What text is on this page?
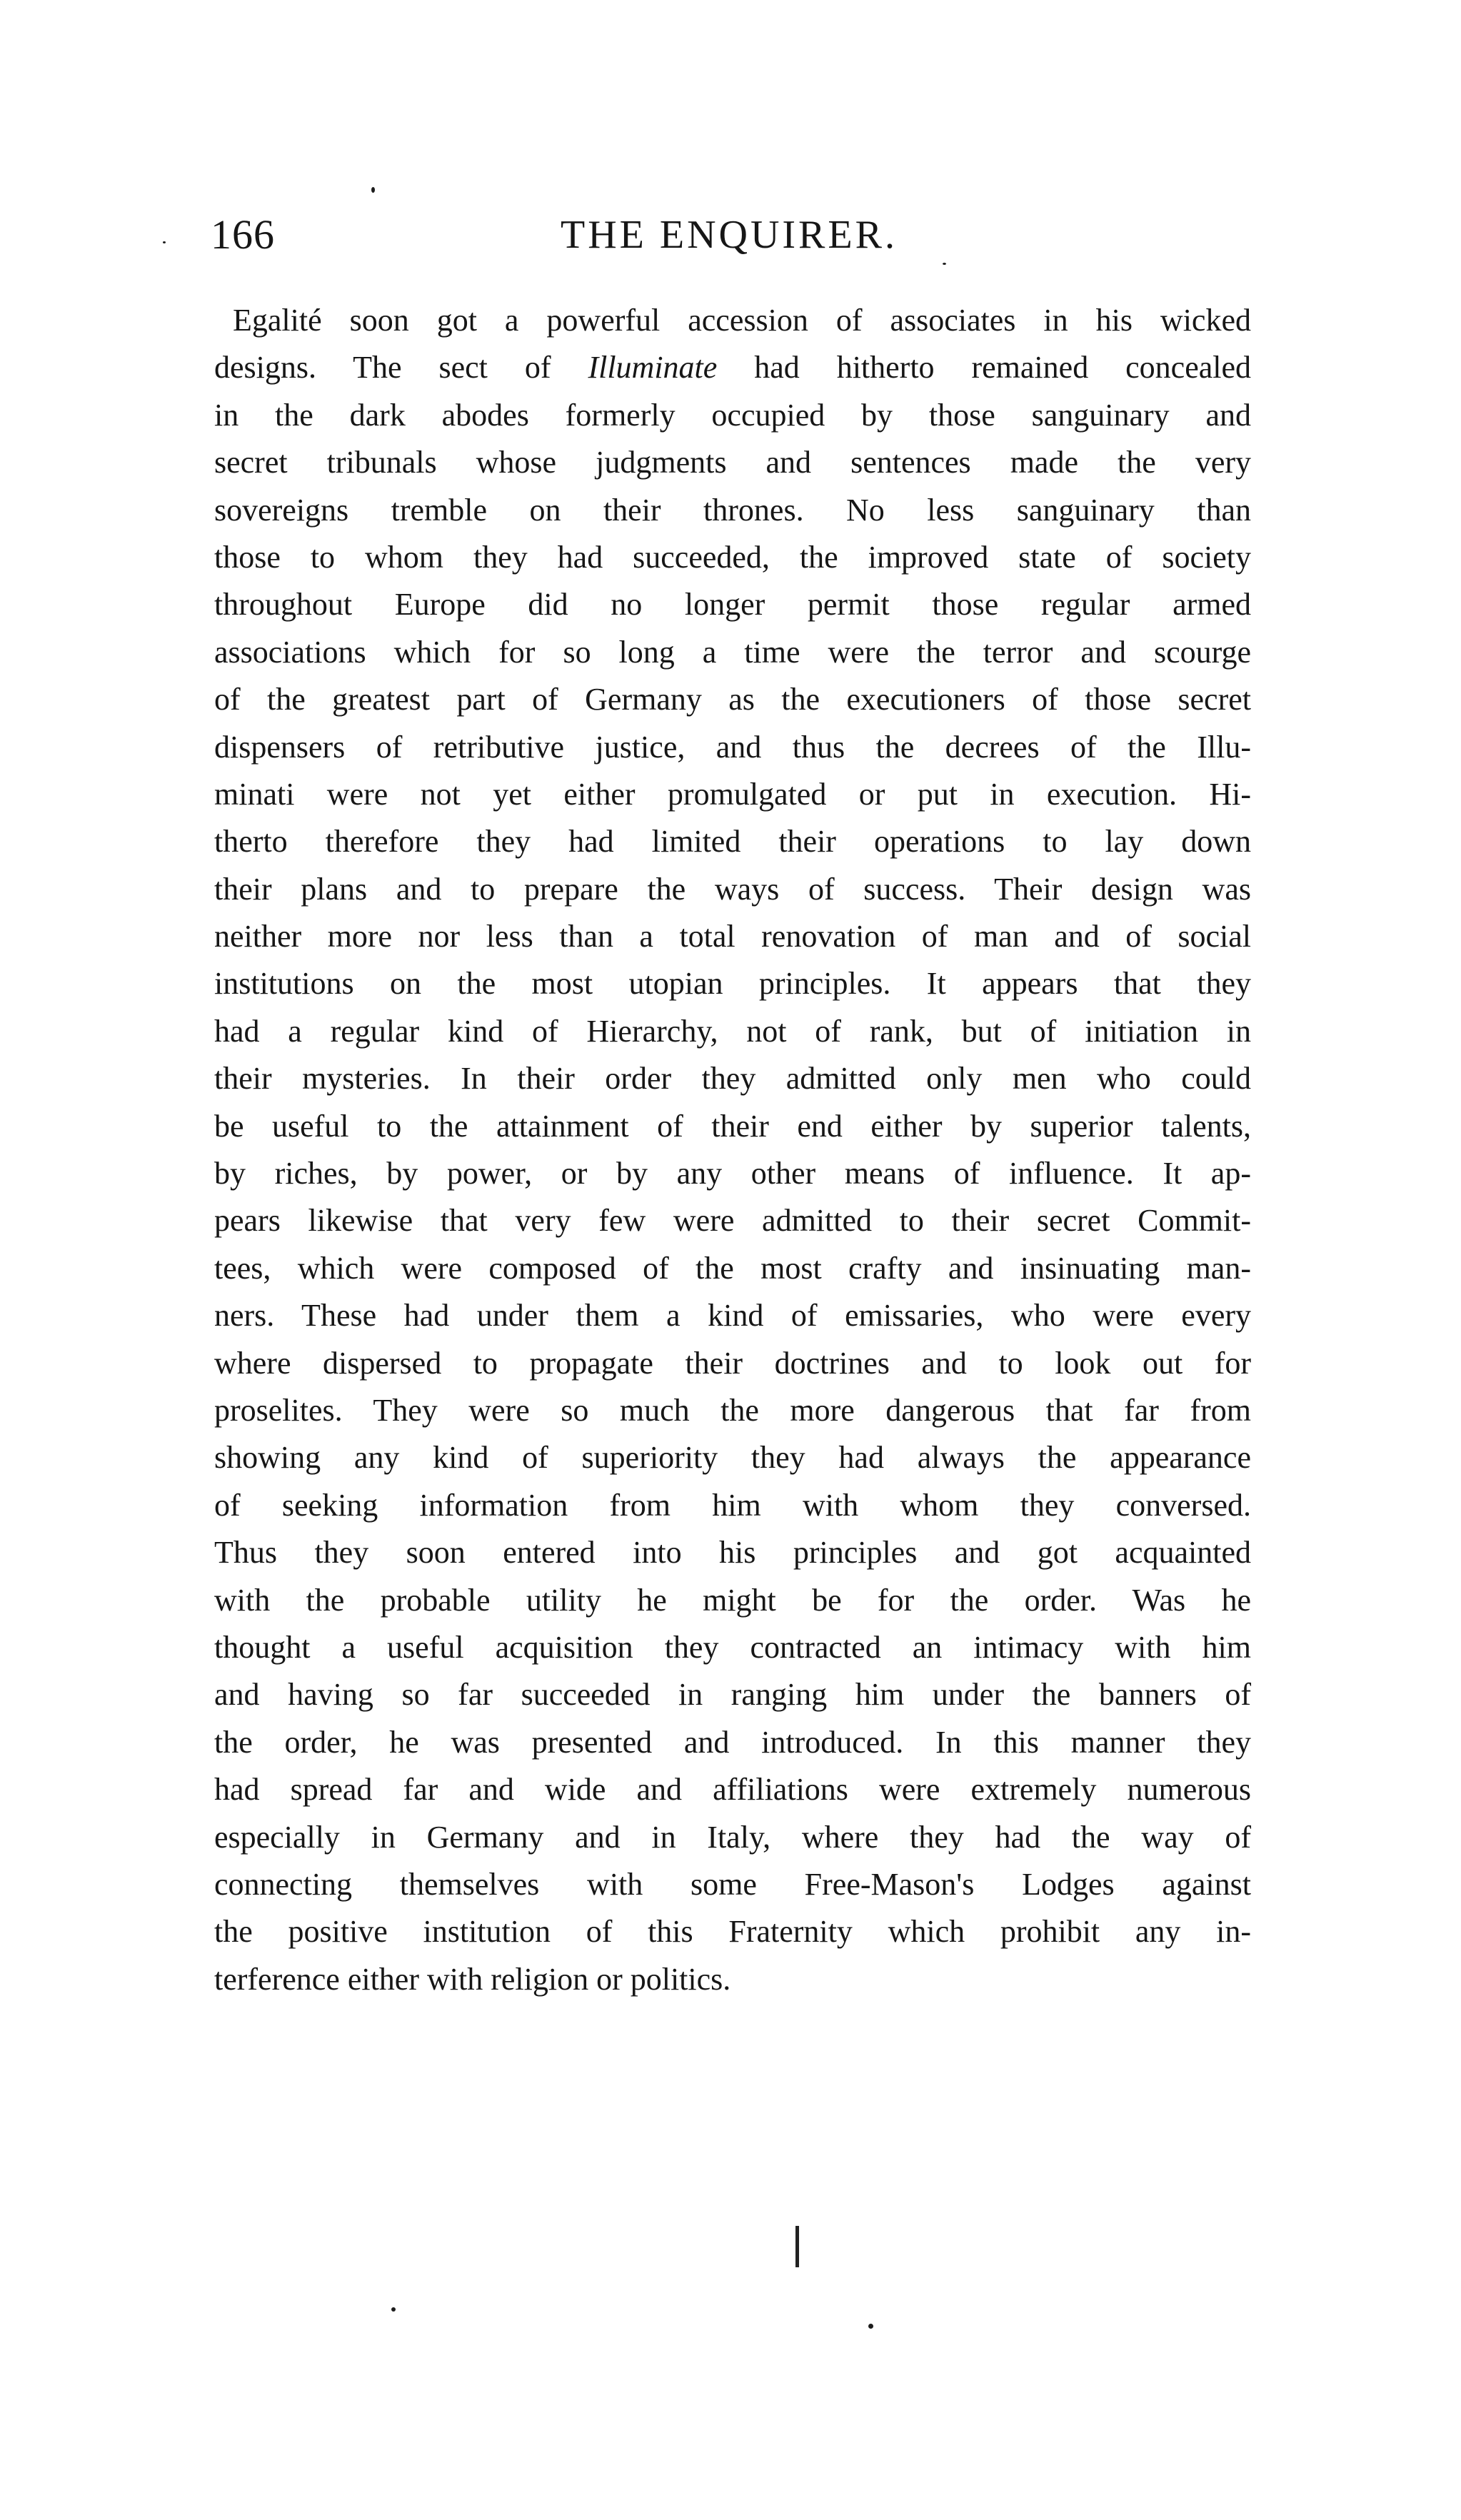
166	THE ENQUIRER.
Egalité soon got a powerful accession of associates in his wicked
designs. The sect of Illuminate had hitherto remained concealed
in the dark abodes formerly occupied by those sanguinary and
secret tribunals whose judgments and sentences made the very
sovereigns tremble on their thrones. No less sanguinary than
those to whom they had succeeded, the improved state of society
throughout Europe did no longer permit those regular armed
associations which for so long a time were the terror and scourge
of the greatest part of Germany as the executioners of those secret
dispensers of retributive justice, and thus the decrees of the Illu-
minati were not yet either promulgated or put in execution. Hi-
therto therefore they had limited their operations to lay down
their plans and to prepare the ways of success. Their design was
neither more nor less than a total renovation of man and of social
institutions on the most utopian principles. It appears that they
had a regular kind of Hierarchy, not of rank, but of initiation in
their mysteries. In their order they admitted only men who could
be useful to the attainment of their end either by superior talents,
by riches, by power, or by any other means of influence. It ap-
pears likewise that very few were admitted to their secret Commit-
tees, which were composed of the most crafty and insinuating man-
ners. These had under them a kind of emissaries, who were every
where dispersed to propagate their doctrines and to look out for
proselites. They were so much the more dangerous that far from
showing any kind of superiority they had always the appearance
of seeking information from him with whom they conversed.
Thus they soon entered into his principles and got acquainted
with the probable utility he might be for the order. Was he
thought a useful acquisition they contracted an intimacy with him
and having so far succeeded in ranging him under the banners of
the order, he was presented and introduced. In this manner they
had spread far and wide and affiliations were extremely numerous
especially in Germany and in Italy, where they had the way of
connecting themselves with some Free-Mason's Lodges against
the positive institution of this Fraternity which prohibit any in-
terference either with religion or politics.
